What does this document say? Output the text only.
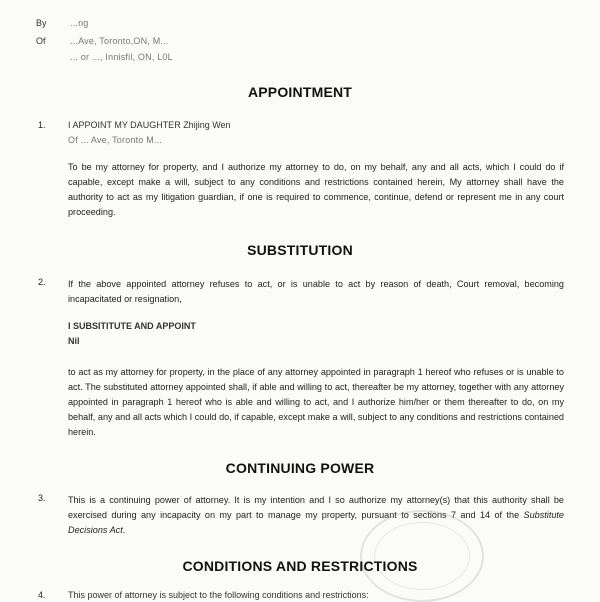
By	...ng
Of	...Ave, Toronto,ON, M...
... or ..., Innisfil, ON, L0L
APPOINTMENT
1. I APPOINT MY DAUGHTER Zhijing Wen
Of ... Ave, Toronto M...
To be my attorney for property, and I authorize my attorney to do, on my behalf, any and all acts, which I could do if capable, except make a will, subject to any conditions and restrictions contained herein, My attorney shall have the authority to act as my litigation guardian, if one is required to commence, continue, defend or represent me in any court proceeding.
SUBSTITUTION
2. If the above appointed attorney refuses to act, or is unable to act by reason of death, Court removal, becoming incapacitated or resignation,
I SUBSITITUTE AND APPOINT
Nil
to act as my attorney for property, in the place of any attorney appointed in paragraph 1 hereof who refuses or is unable to act. The substituted attorney appointed shall, if able and willing to act, thereafter be my attorney, together with any attorney appointed in paragraph 1 hereof who is able and willing to act, and I authorize him/her or them thereafter to do, on my behalf, any and all acts which I could do, if capable, except make a will, subject to any conditions and restrictions contained herein.
CONTINUING POWER
3. This is a continuing power of attorney. It is my intention and I so authorize my attorney(s) that this authority shall be exercised during any incapacity on my part to manage my property, pursuant to sections 7 and 14 of the Substitute Decisions Act.
CONDITIONS AND RESTRICTIONS
4. This power of attorney is subject to the following conditions and restrictions:
